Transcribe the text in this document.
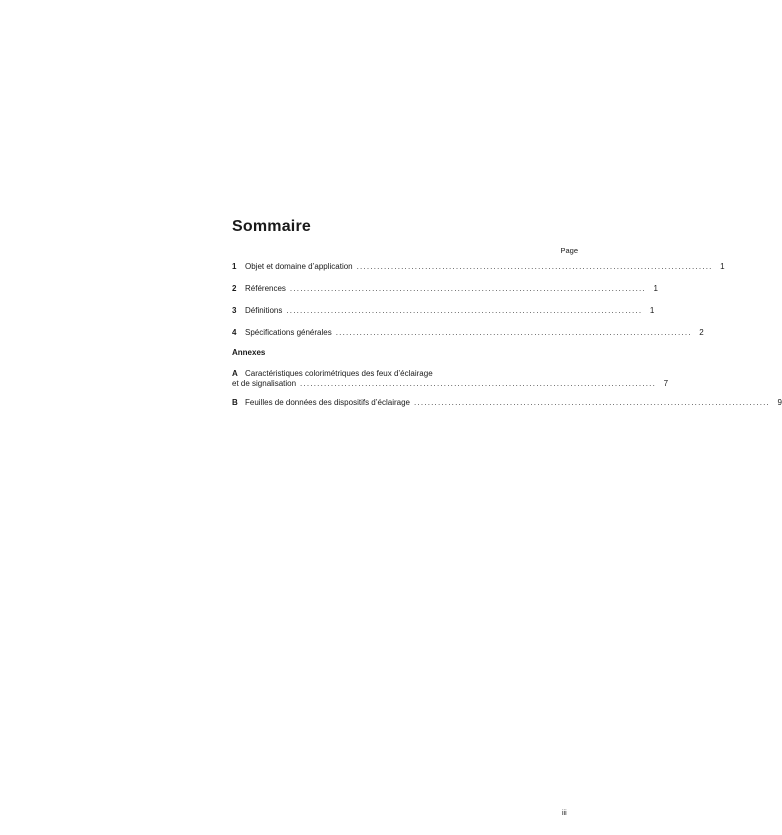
Sommaire
Page
1	Objet et domaine d’application ........................................................................................................ 1
2	Références ........................................................................................................ 1
3	Définitions ........................................................................................................ 1
4	Spécifications générales ........................................................................................................ 2
Annexes
A Caractéristiques colorimétriques des feux d’éclairage
et de signalisation ........................................................................................................ 7
B Feuilles de données des dispositifs d’éclairage ........................................................................................................ 9
iii
